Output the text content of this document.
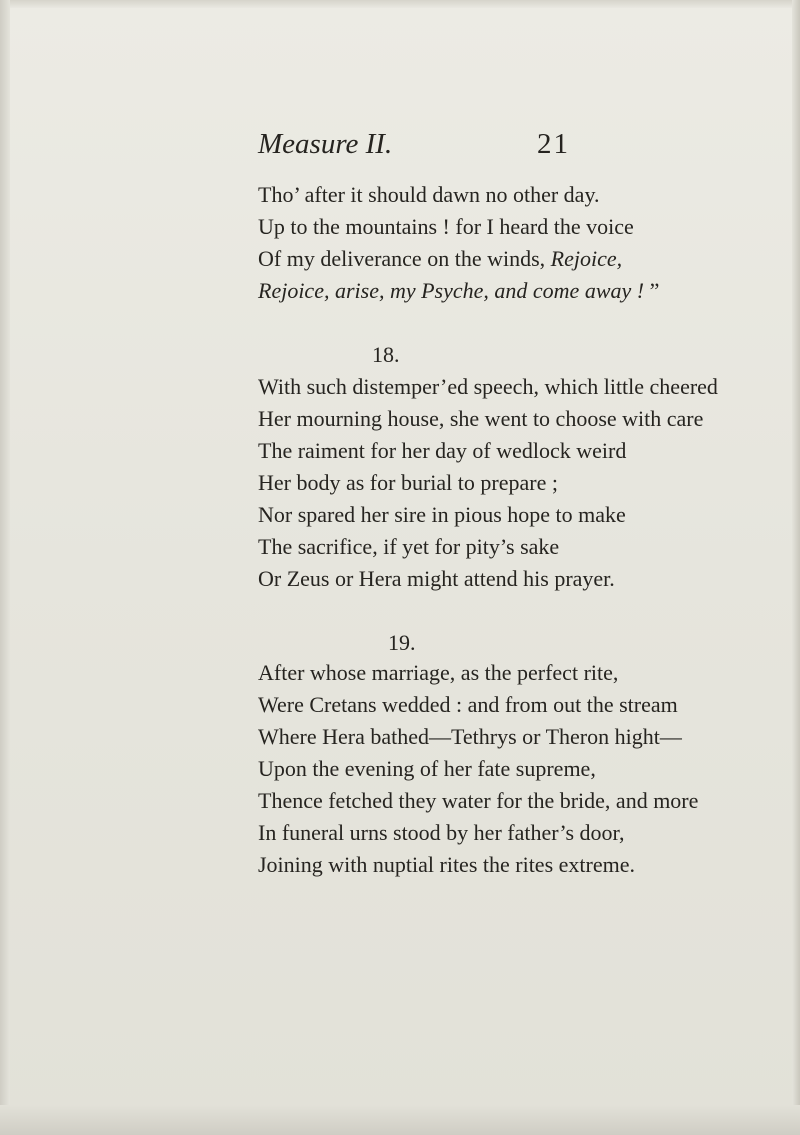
Measure II.	21
Tho’ after it should dawn no other day.
Up to the mountains ! for I heard the voice
Of my deliverance on the winds, Rejoice,
Rejoice, arise, my Psyche, and come away ! ”
18.
With such distemper’ed speech, which little cheered
Her mourning house, she went to choose with care
The raiment for her day of wedlock weird
Her body as for burial to prepare ;
Nor spared her sire in pious hope to make
The sacrifice, if yet for pity’s sake
Or Zeus or Hera might attend his prayer.
19.
After whose marriage, as the perfect rite,
Were Cretans wedded : and from out the stream
Where Hera bathed—Tethrys or Theron hight—
Upon the evening of her fate supreme,
Thence fetched they water for the bride, and more
In funeral urns stood by her father’s door,
Joining with nuptial rites the rites extreme.
